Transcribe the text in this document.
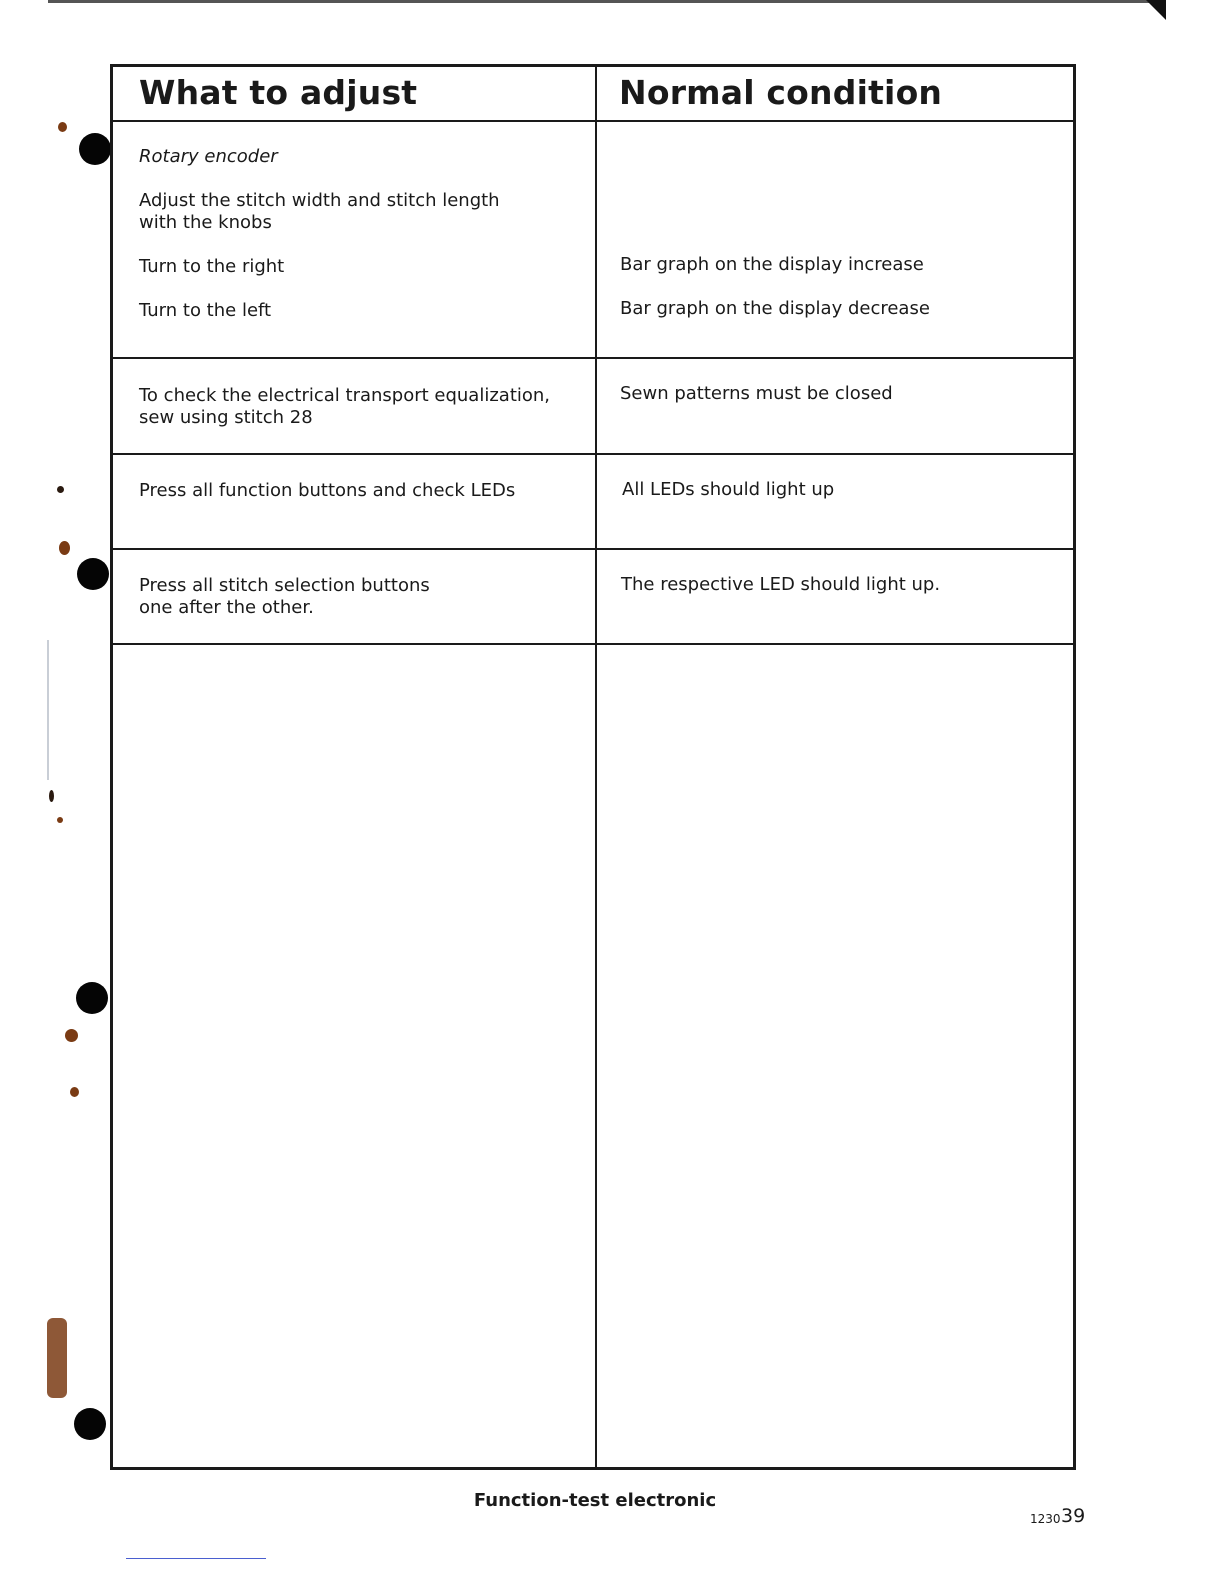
What to adjust	Normal condition
Rotary encoder
Adjust the stitch width and stitch length
with the knobs
Turn to the right
Turn to the left
Bar graph on the display increase
Bar graph on the display decrease
To check the electrical transport equalization,
sew using stitch 28
Sewn patterns must be closed
Press all function buttons and check LEDs	All LEDs should light up
Press all stitch selection buttons
one after the other.
The respective LED should light up.
Function-test electronic
1230 39
